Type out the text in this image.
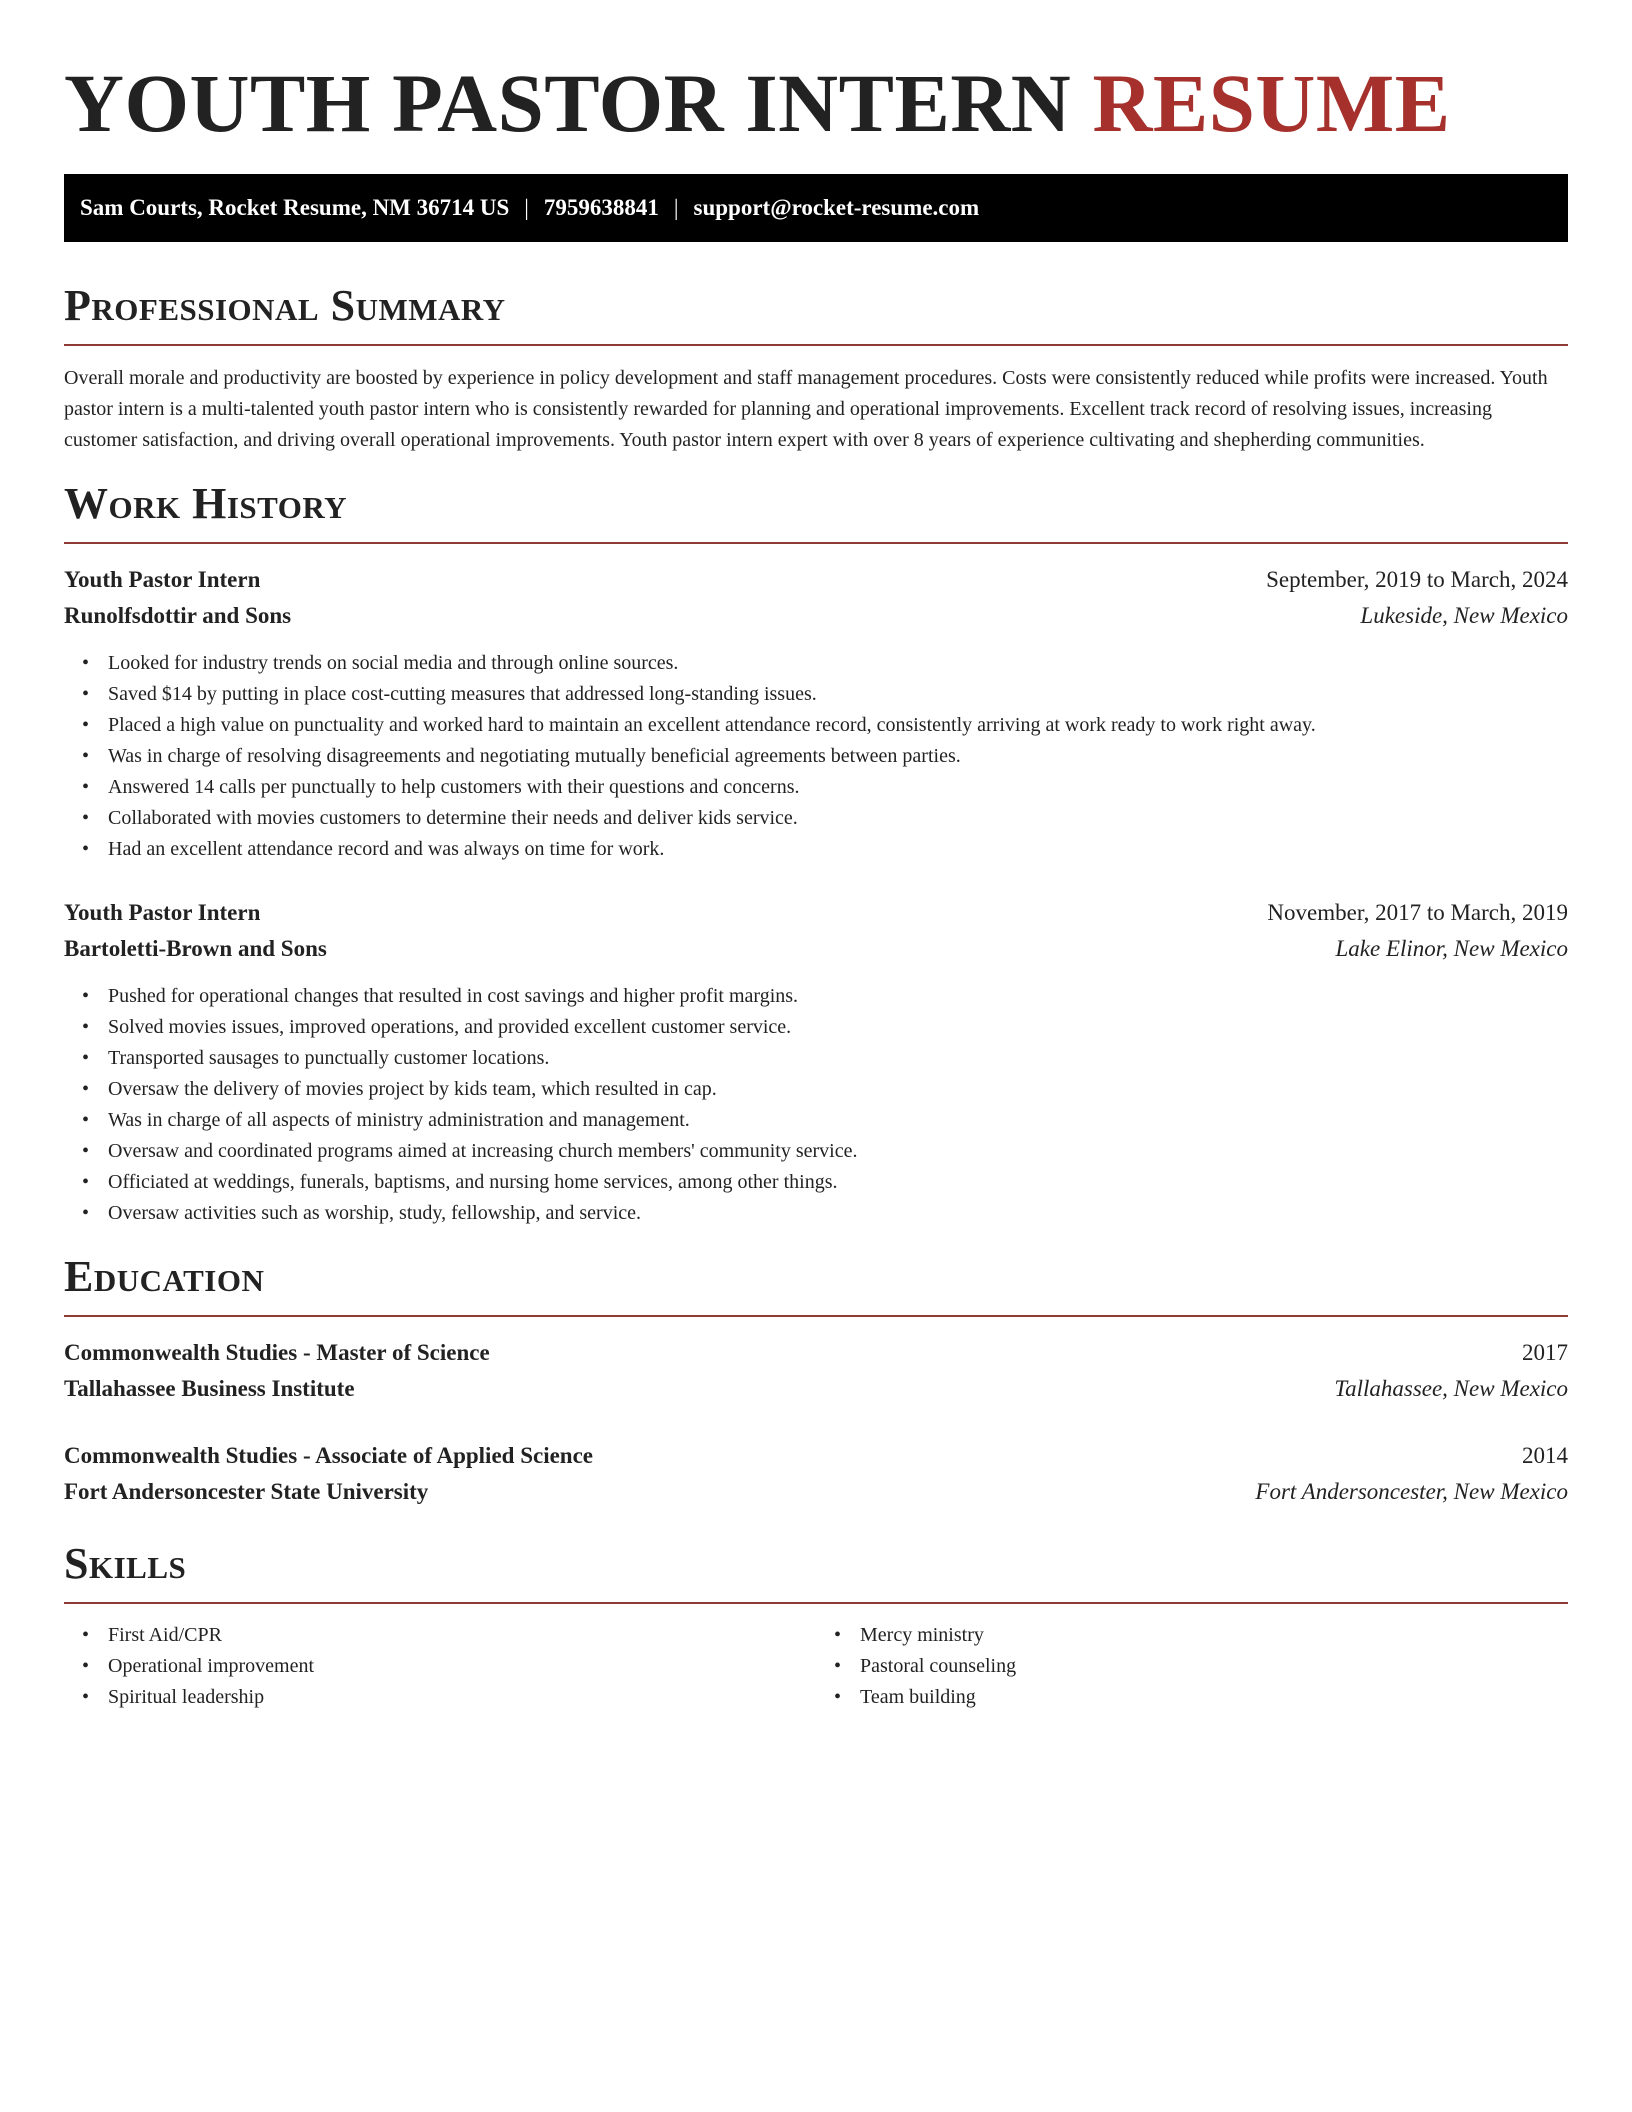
YOUTH PASTOR INTERN RESUME
Sam Courts, Rocket Resume, NM 36714 US | 7959638841 | support@rocket-resume.com
Professional Summary

Overall morale and productivity are boosted by experience in policy development and staff management procedures. Costs were consistently reduced while profits were increased. Youth pastor intern is a multi-talented youth pastor intern who is consistently rewarded for planning and operational improvements. Excellent track record of resolving issues, increasing customer satisfaction, and driving overall operational improvements. Youth pastor intern expert with over 8 years of experience cultivating and shepherding communities.

Work History
Youth Pastor Intern	September, 2019 to March, 2024
Runolfsdottir and Sons	Lukeside, New Mexico
• Looked for industry trends on social media and through online sources.
• Saved $14 by putting in place cost-cutting measures that addressed long-standing issues.
• Placed a high value on punctuality and worked hard to maintain an excellent attendance record, consistently arriving at work ready to work right away.
• Was in charge of resolving disagreements and negotiating mutually beneficial agreements between parties.
• Answered 14 calls per punctually to help customers with their questions and concerns.
• Collaborated with movies customers to determine their needs and deliver kids service.
• Had an excellent attendance record and was always on time for work.
Youth Pastor Intern	November, 2017 to March, 2019
Bartoletti-Brown and Sons	Lake Elinor, New Mexico
• Pushed for operational changes that resulted in cost savings and higher profit margins.
• Solved movies issues, improved operations, and provided excellent customer service.
• Transported sausages to punctually customer locations.
• Oversaw the delivery of movies project by kids team, which resulted in cap.
• Was in charge of all aspects of ministry administration and management.
• Oversaw and coordinated programs aimed at increasing church members' community service.
• Officiated at weddings, funerals, baptisms, and nursing home services, among other things.
• Oversaw activities such as worship, study, fellowship, and service.
Education
Commonwealth Studies - Master of Science	2017
Tallahassee Business Institute	Tallahassee, New Mexico
Commonwealth Studies - Associate of Applied Science	2014
Fort Andersoncester State University	Fort Andersoncester, New Mexico
Skills
• First Aid/CPR
• Operational improvement
• Spiritual leadership
• Mercy ministry
• Pastoral counseling
• Team building
